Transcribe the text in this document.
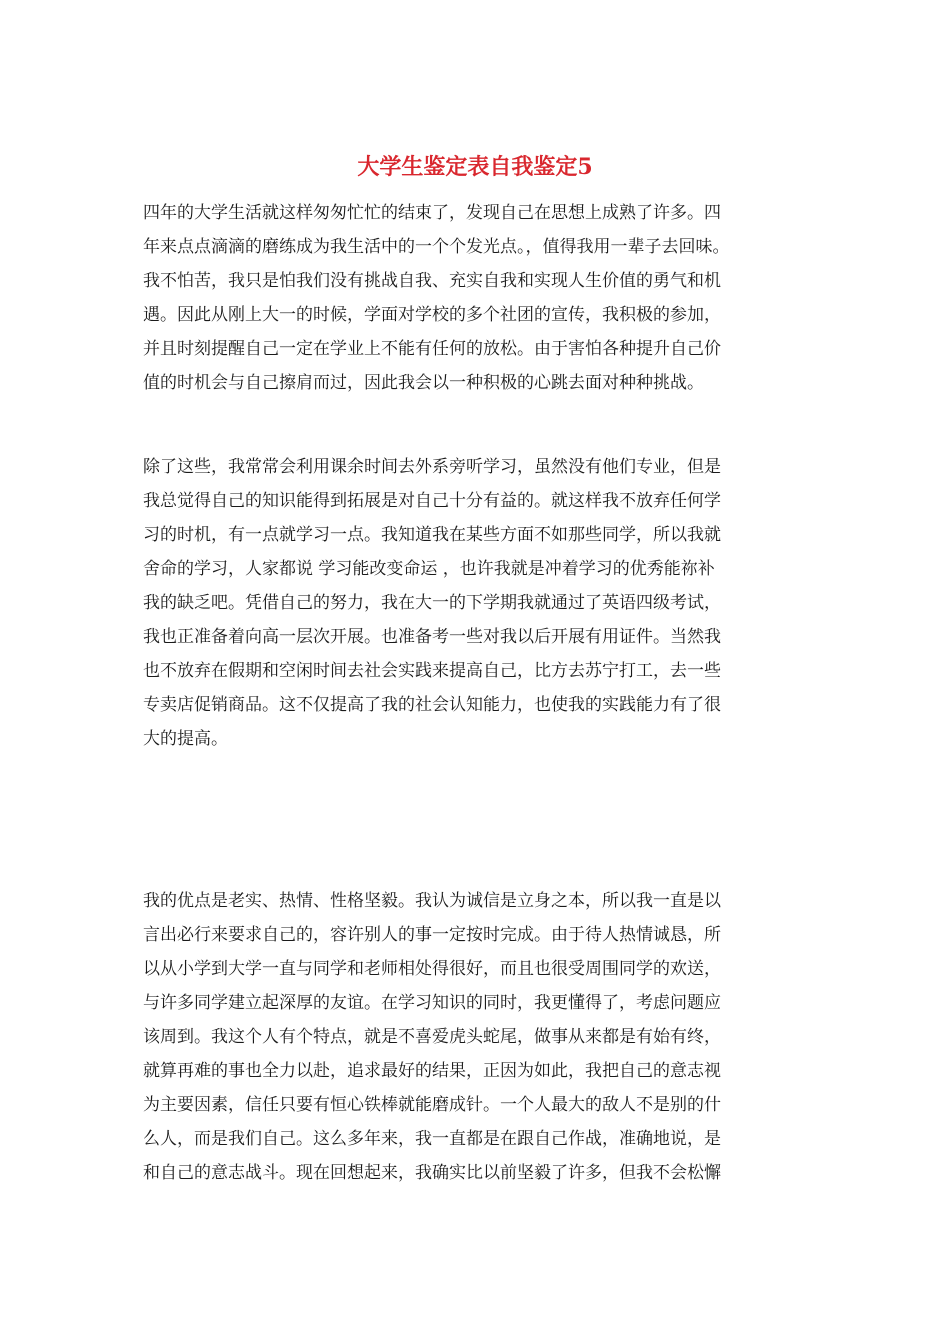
大学生鉴定表自我鉴定5
四年的大学生活就这样匆匆忙忙的结束了，发现自己在思想上成熟了许多。四
年来点点滴滴的磨练成为我生活中的一个个发光点。，值得我用一辈子去回味。
我不怕苦，我只是怕我们没有挑战自我、充实自我和实现人生价值的勇气和机
遇。因此从刚上大一的时候，学面对学校的多个社团的宣传，我积极的参加，
并且时刻提醒自己一定在学业上不能有任何的放松。由于害怕各种提升自己价
值的时机会与自己擦肩而过，因此我会以一种积极的心跳去面对种种挑战。
除了这些，我常常会利用课余时间去外系旁听学习，虽然没有他们专业，但是
我总觉得自己的知识能得到拓展是对自己十分有益的。就这样我不放弃任何学
习的时机，有一点就学习一点。我知道我在某些方面不如那些同学，所以我就
舍命的学习，人家都说 学习能改变命运 ，也许我就是冲着学习的优秀能祢补
我的缺乏吧。凭借自己的努力，我在大一的下学期我就通过了英语四级考试，
我也正准备着向高一层次开展。也准备考一些对我以后开展有用证件。当然我
也不放弃在假期和空闲时间去社会实践来提高自己，比方去苏宁打工，去一些
专卖店促销商品。这不仅提高了我的社会认知能力，也使我的实践能力有了很
大的提高。
我的优点是老实、热情、性格坚毅。我认为诚信是立身之本，所以我一直是以
言出必行来要求自己的，容许别人的事一定按时完成。由于待人热情诚恳，所
以从小学到大学一直与同学和老师相处得很好，而且也很受周围同学的欢送，
与许多同学建立起深厚的友谊。在学习知识的同时，我更懂得了，考虑问题应
该周到。我这个人有个特点，就是不喜爱虎头蛇尾，做事从来都是有始有终，
就算再难的事也全力以赴，追求最好的结果，正因为如此，我把自己的意志视
为主要因素，信任只要有恒心铁棒就能磨成针。一个人最大的敌人不是别的什
么人，而是我们自己。这么多年来，我一直都是在跟自己作战，准确地说，是
和自己的意志战斗。现在回想起来，我确实比以前坚毅了许多，但我不会松懈
